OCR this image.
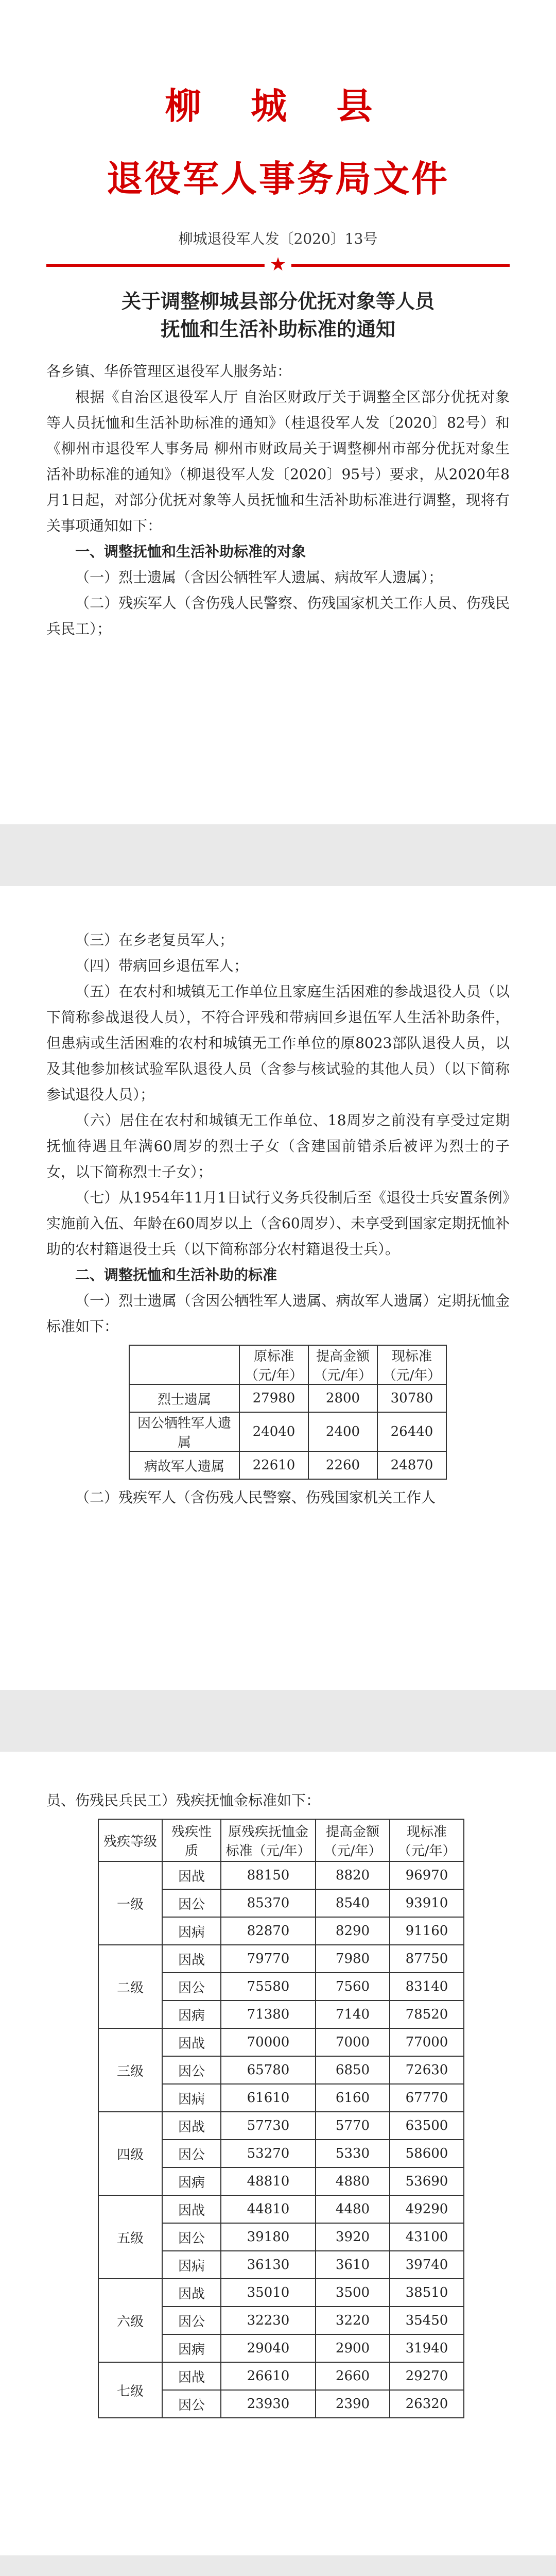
柳 城 县
退役军人事务局文件
柳城退役军人发〔2020〕13号
★
关于调整柳城县部分优抚对象等人员
抚恤和生活补助标准的通知

各乡镇、华侨管理区退役军人服务站：

根据《自治区退役军人厅 自治区财政厅关于调整全区部分优抚对象等人员抚恤和生活补助标准的通知》（桂退役军人发〔2020〕82号）和《柳州市退役军人事务局 柳州市财政局关于调整柳州市部分优抚对象生活补助标准的通知》（柳退役军人发〔2020〕95号）要求，从2020年8月1日起，对部分优抚对象等人员抚恤和生活补助标准进行调整，现将有关事项通知如下：

一、调整抚恤和生活补助标准的对象

（一）烈士遗属（含因公牺牲军人遗属、病故军人遗属）；

（二）残疾军人（含伤残人民警察、伤残国家机关工作人员、伤残民兵民工）；

（三）在乡老复员军人；

（四）带病回乡退伍军人；

（五）在农村和城镇无工作单位且家庭生活困难的参战退役人员（以下简称参战退役人员），不符合评残和带病回乡退伍军人生活补助条件，但患病或生活困难的农村和城镇无工作单位的原8023部队退役人员，以及其他参加核试验军队退役人员（含参与核试验的其他人员）（以下简称参试退役人员）；

（六）居住在农村和城镇无工作单位、18周岁之前没有享受过定期抚恤待遇且年满60周岁的烈士子女（含建国前错杀后被评为烈士的子女，以下简称烈士子女）；

（七）从1954年11月1日试行义务兵役制后至《退役士兵安置条例》实施前入伍、年龄在60周岁以上（含60周岁）、未享受到国家定期抚恤补助的农村籍退役士兵（以下简称部分农村籍退役士兵）。

二、调整抚恤和生活补助的标准

（一）烈士遗属（含因公牺牲军人遗属、病故军人遗属）定期抚恤金标准如下：

	原标准（元/年）	提高金额（元/年）	现标准（元/年）
烈士遗属	27980	2800	30780
因公牺牲军人遗属	24040	2400	26440
病故军人遗属	22610	2260	24870

（二）残疾军人（含伤残人民警察、伤残国家机关工作人

员、伤残民兵民工）残疾抚恤金标准如下：

残疾等级	残疾性质	原残疾抚恤金标准（元/年）	提高金额（元/年）	现标准（元/年）
一级	因战	88150	8820	96970
	因公	85370	8540	93910
	因病	82870	8290	91160
二级	因战	79770	7980	87750
	因公	75580	7560	83140
	因病	71380	7140	78520
三级	因战	70000	7000	77000
	因公	65780	6850	72630
	因病	61610	6160	67770
四级	因战	57730	5770	63500
	因公	53270	5330	58600
	因病	48810	4880	53690
五级	因战	44810	4480	49290
	因公	39180	3920	43100
	因病	36130	3610	39740
六级	因战	35010	3500	38510
	因公	32230	3220	35450
	因病	29040	2900	31940
七级	因战	26610	2660	29270
	因公	23930	2390	26320
